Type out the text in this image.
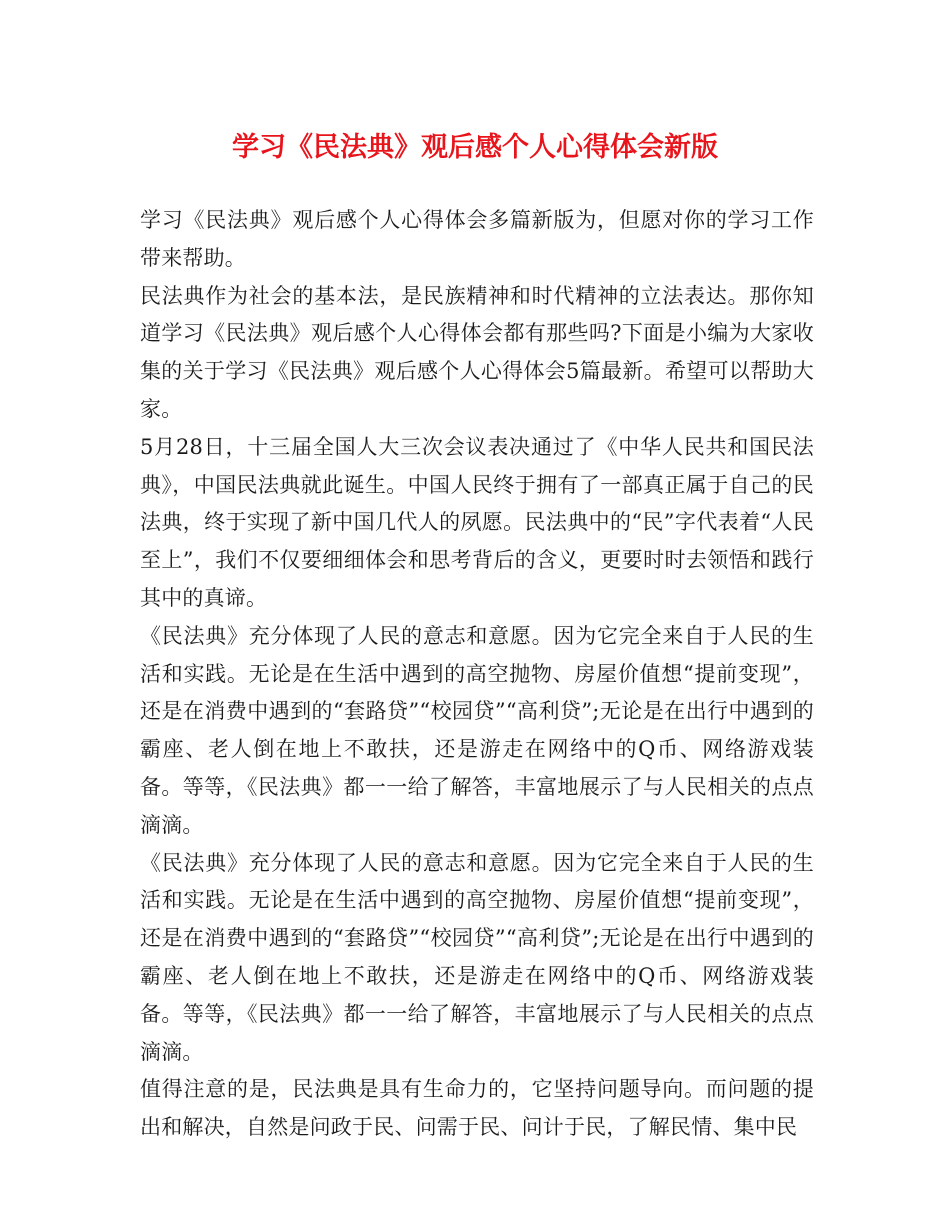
学习《民法典》观后感个人心得体会新版

学习《民法典》观后感个人心得体会多篇新版为，但愿对你的学习工作带来帮助。

民法典作为社会的基本法，是民族精神和时代精神的立法表达。那你知道学习《民法典》观后感个人心得体会都有那些吗?下面是小编为大家收集的关于学习《民法典》观后感个人心得体会5篇最新。希望可以帮助大家。

5月28日，十三届全国人大三次会议表决通过了《中华人民共和国民法典》，中国民法典就此诞生。中国人民终于拥有了一部真正属于自己的民法典，终于实现了新中国几代人的夙愿。民法典中的“民”字代表着“人民至上”，我们不仅要细细体会和思考背后的含义，更要时时去领悟和践行其中的真谛。

《民法典》充分体现了人民的意志和意愿。因为它完全来自于人民的生活和实践。无论是在生活中遇到的高空抛物、房屋价值想“提前变现”，还是在消费中遇到的“套路贷”“校园贷”“高利贷”;无论是在出行中遇到的霸座、老人倒在地上不敢扶，还是游走在网络中的Q币、网络游戏装备。等等，《民法典》都一一给了解答，丰富地展示了与人民相关的点点滴滴。

《民法典》充分体现了人民的意志和意愿。因为它完全来自于人民的生活和实践。无论是在生活中遇到的高空抛物、房屋价值想“提前变现”，还是在消费中遇到的“套路贷”“校园贷”“高利贷”;无论是在出行中遇到的霸座、老人倒在地上不敢扶，还是游走在网络中的Q币、网络游戏装备。等等，《民法典》都一一给了解答，丰富地展示了与人民相关的点点滴滴。

值得注意的是，民法典是具有生命力的，它坚持问题导向。而问题的提出和解决，自然是问政于民、问需于民、问计于民，了解民情、集中民
